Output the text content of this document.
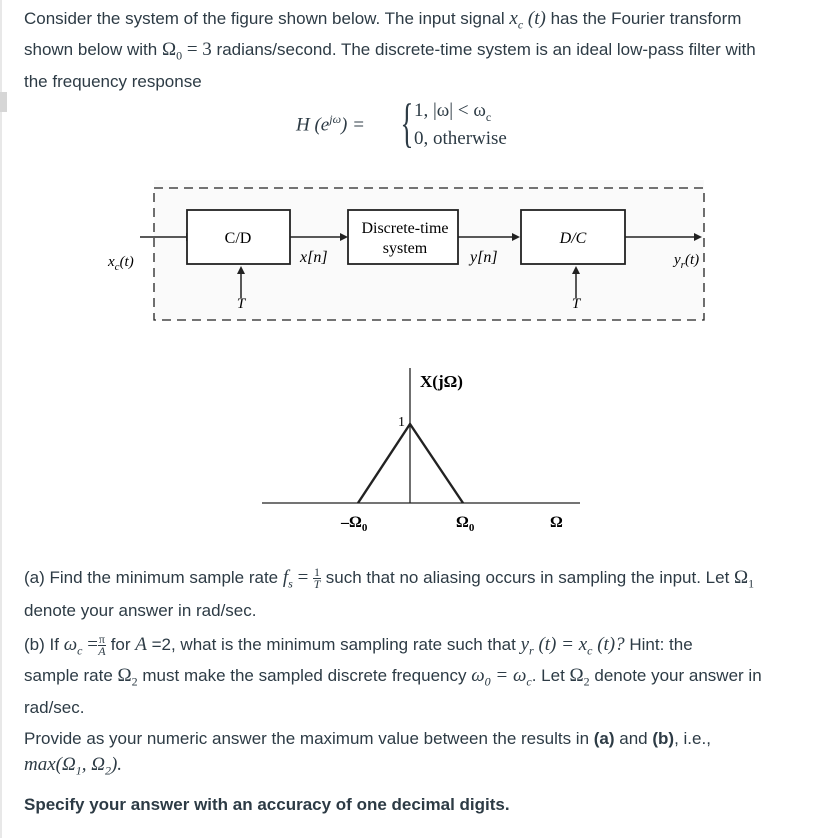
Consider the system of the figure shown below. The input signal $x_c$ (t) has the Fourier transform
shown below with $\Omega_0 = 3$ radians/second. The discrete-time system is an ideal low-pass filter with
the frequency response
H $(e^{j\omega})$ = { 1, $|\omega| < \omega_c$
0, otherwise
C/D
T
x[n]
Discrete-time
system
y[n]
D/C
T
$x_c(t)$	$y_r(t)$
X(jΩ)
1
$-\Omega_0$	$\Omega_0$	Ω
(a) Find the minimum sample rate $f_s = \frac{1}{T}$ such that no aliasing occurs in sampling the input. Let $\Omega_1$
denote your answer in rad/sec.
(b) If $\omega_c = \frac{\pi}{A}$ for A =2, what is the minimum sampling rate such that $y_r$ $(t) = x_c$ (t)? Hint: the
sample rate $\Omega_2$ must make the sampled discrete frequency $\omega_0 = \omega_c$. Let $\Omega_2$ denote your answer in
rad/sec.
Provide as your numeric answer the maximum value between the results in (a) and (b), i.e.,
$\max(\Omega_1$, $\Omega_2$).
Specify your answer with an accuracy of one decimal digits.
